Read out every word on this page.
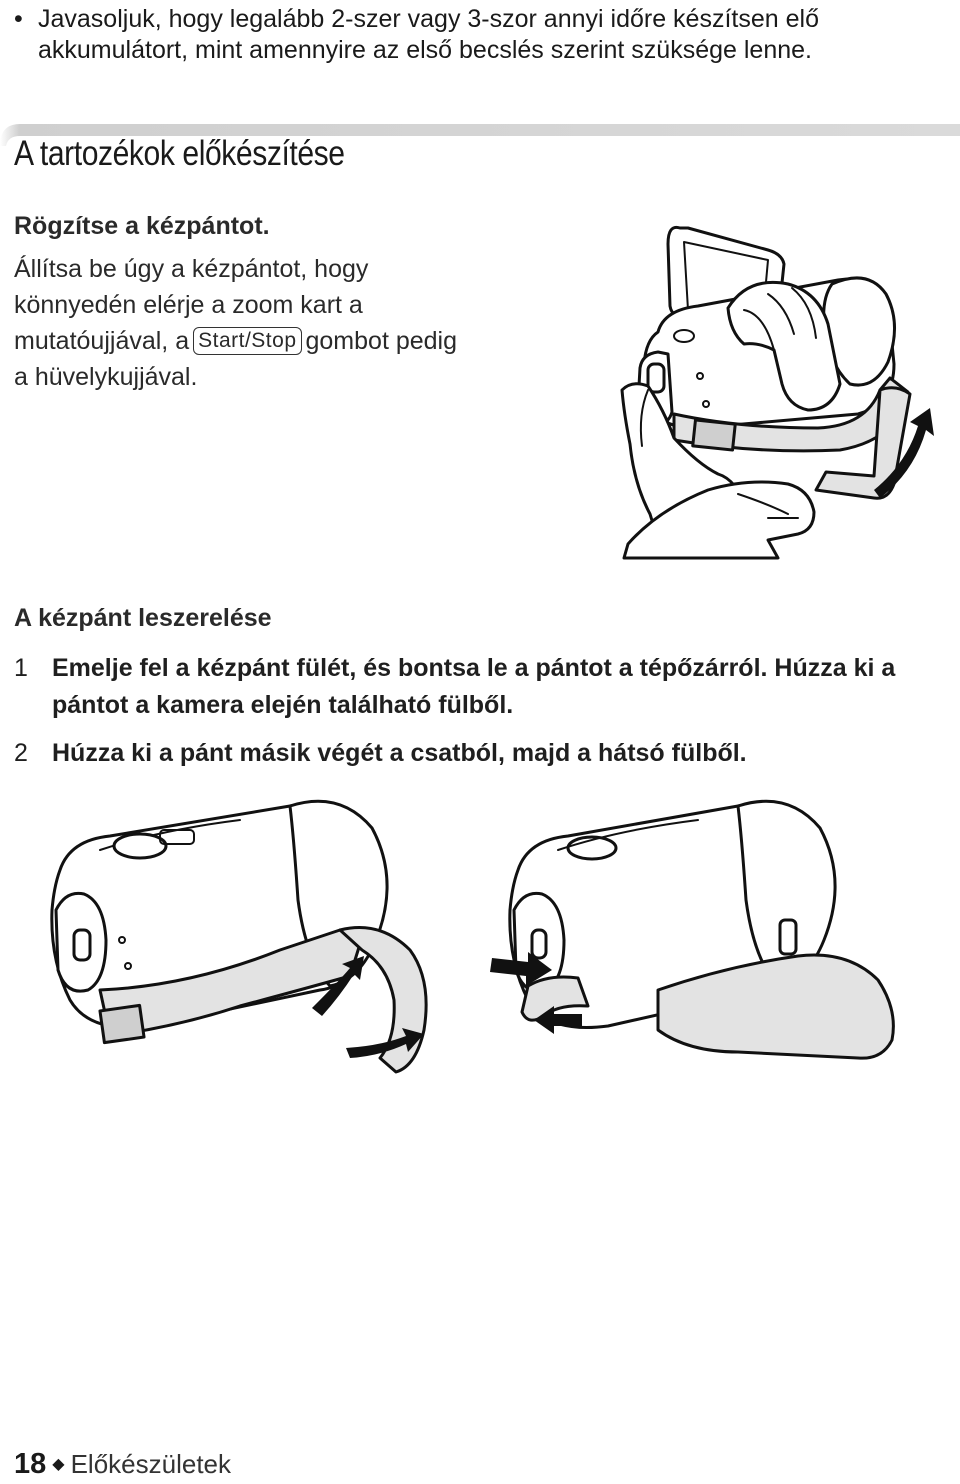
• Javasoljuk, hogy legalább 2-szer vagy 3-szor annyi időre készítsen elő
akkumulátort, mint amennyire az első becslés szerint szüksége lenne.
A tartozékok előkészítése
Rögzítse a kézpántot.
Állítsa be úgy a kézpántot, hogy
könnyedén elérje a zoom kart a
mutatóujjával, a Start/Stop gombot pedig
a hüvelykujjával.
A kézpánt leszerelése
1 Emelje fel a kézpánt fülét, és bontsa le a pántot a tépőzárról. Húzza ki a pántot a kamera elején található fülből.
2 Húzza ki a pánt másik végét a csatból, majd a hátsó fülből.
18 ◆ Előkészületek
